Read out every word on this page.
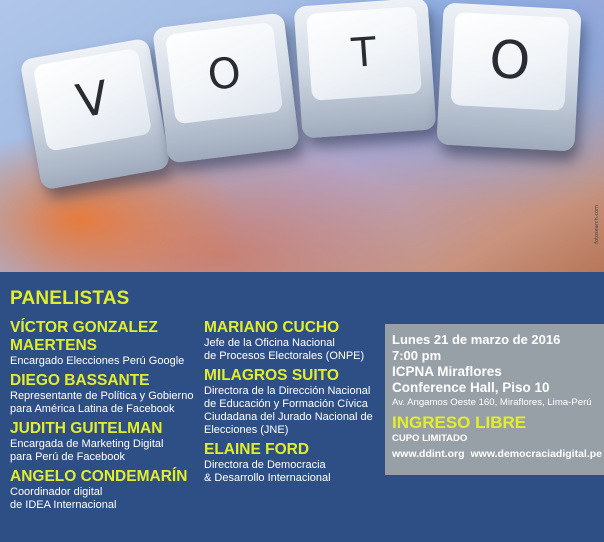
V O	T O
fotosearch.com
PANELISTAS
VÍCTOR GONZALEZ
MAERTENS
Encargado Elecciones Perú Google
DIEGO BASSANTE
Representante de Política y Gobierno
para América Latina de Facebook
JUDITH GUITELMAN
Encargada de Marketing Digital
para Perú de Facebook
ANGELO CONDEMARÍN
Coordinador digital
de IDEA Internacional
MARIANO CUCHO
Jefe de la Oficina Nacional
de Procesos Electorales (ONPE)
MILAGROS SUITO
Directora de la Dirección Nacional
de Educación y Formación Cívica
Ciudadana del Jurado Nacional de
Elecciones (JNE)
ELAINE FORD
Directora de Democracia
& Desarrollo Internacional
Lunes 21 de marzo de 2016
7:00 pm
ICPNA Miraflores
Conference Hall, Piso 10
Av. Angamos Oeste 160, Miraflores, Lima-Perú
INGRESO LIBRE
CUPO LIMITADO
www.ddint.org www.democraciadigital.pe
